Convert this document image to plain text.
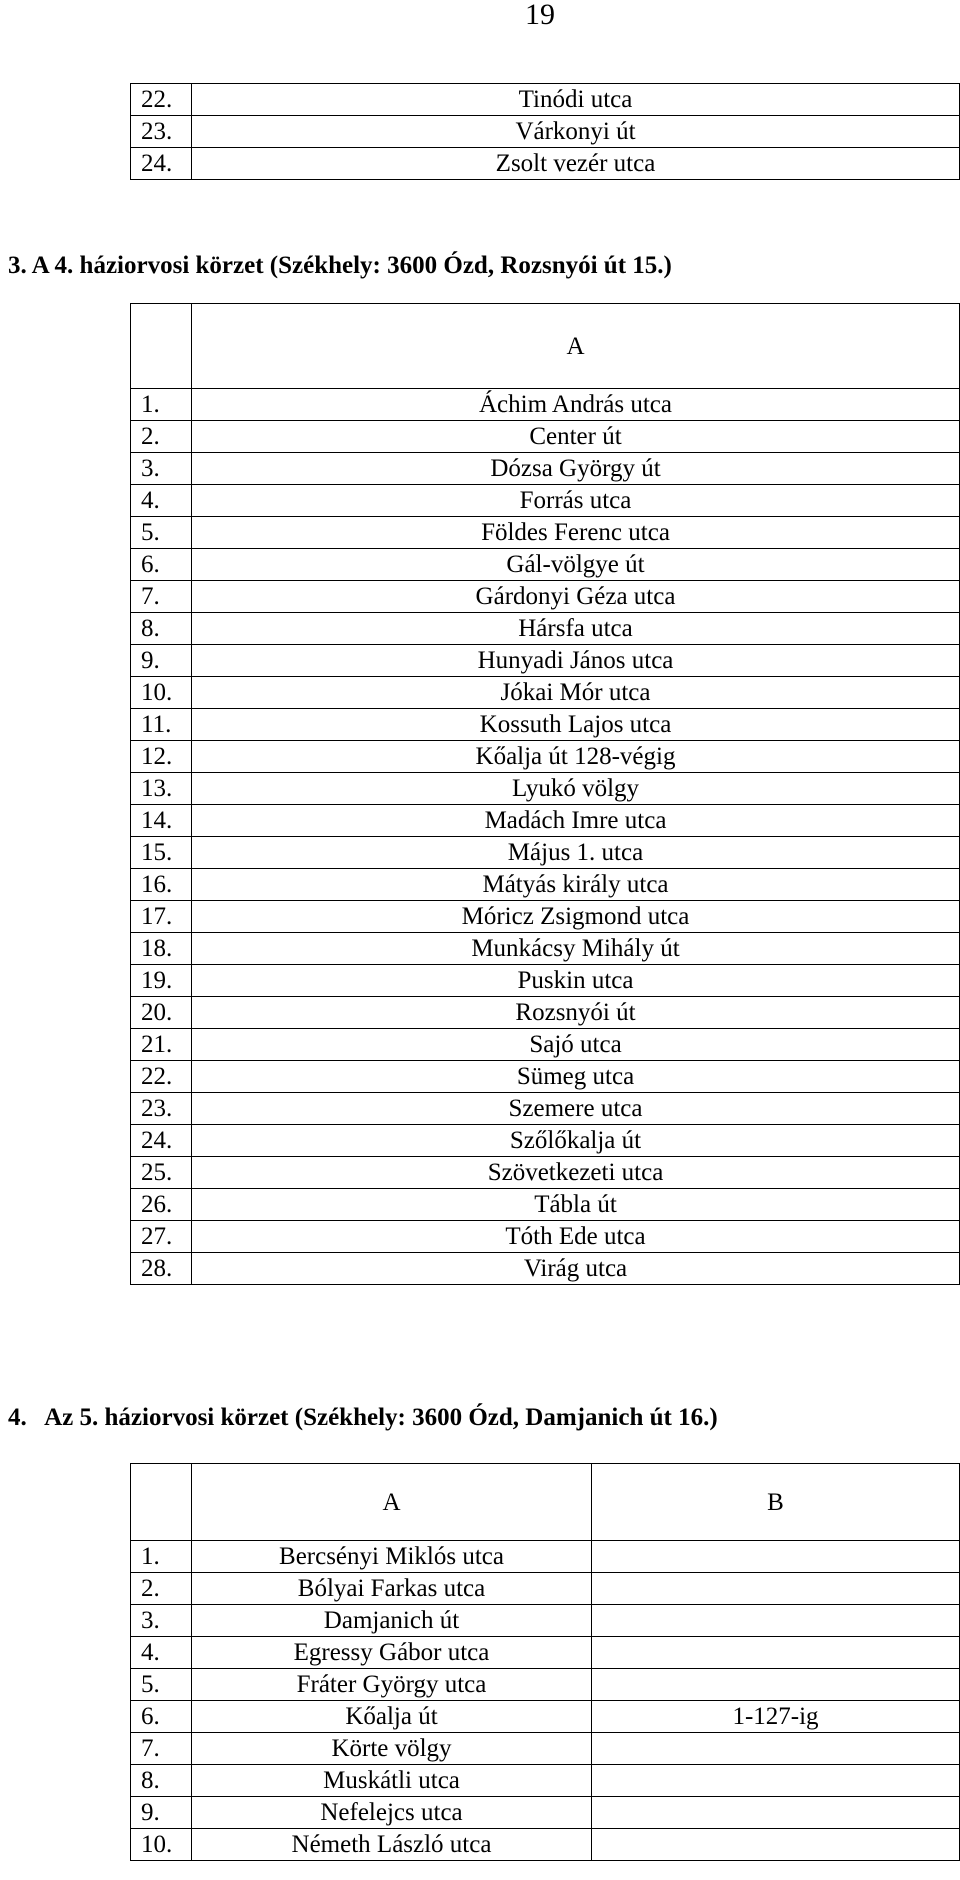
19
22.	Tinódi utca
23.	Várkonyi út
24.	Zsolt vezér utca
3. A 4. háziorvosi körzet (Székhely: 3600 Ózd, Rozsnyói út 15.)
	A
1.	Áchim András utca
2.	Center út
3.	Dózsa György út
4.	Forrás utca
5.	Földes Ferenc utca
6.	Gál-völgye út
7.	Gárdonyi Géza utca
8.	Hársfa utca
9.	Hunyadi János utca
10.	Jókai Mór utca
11.	Kossuth Lajos utca
12.	Kőalja út 128-végig
13.	Lyukó völgy
14.	Madách Imre utca
15.	Május 1. utca
16.	Mátyás király utca
17.	Móricz Zsigmond utca
18.	Munkácsy Mihály út
19.	Puskin utca
20.	Rozsnyói út
21.	Sajó utca
22.	Sümeg utca
23.	Szemere utca
24.	Szőlőkalja út
25.	Szövetkezeti utca
26.	Tábla út
27.	Tóth Ede utca
28.	Virág utca
4.   Az 5. háziorvosi körzet (Székhely: 3600 Ózd, Damjanich út 16.)
	A	B
1.	Bercsényi Miklós utca	
2.	Bólyai Farkas utca	
3.	Damjanich út	
4.	Egressy Gábor utca	
5.	Fráter György utca	
6.	Kőalja út	1-127-ig
7.	Körte völgy	
8.	Muskátli utca	
9.	Nefelejcs utca	
10.	Németh László utca	
